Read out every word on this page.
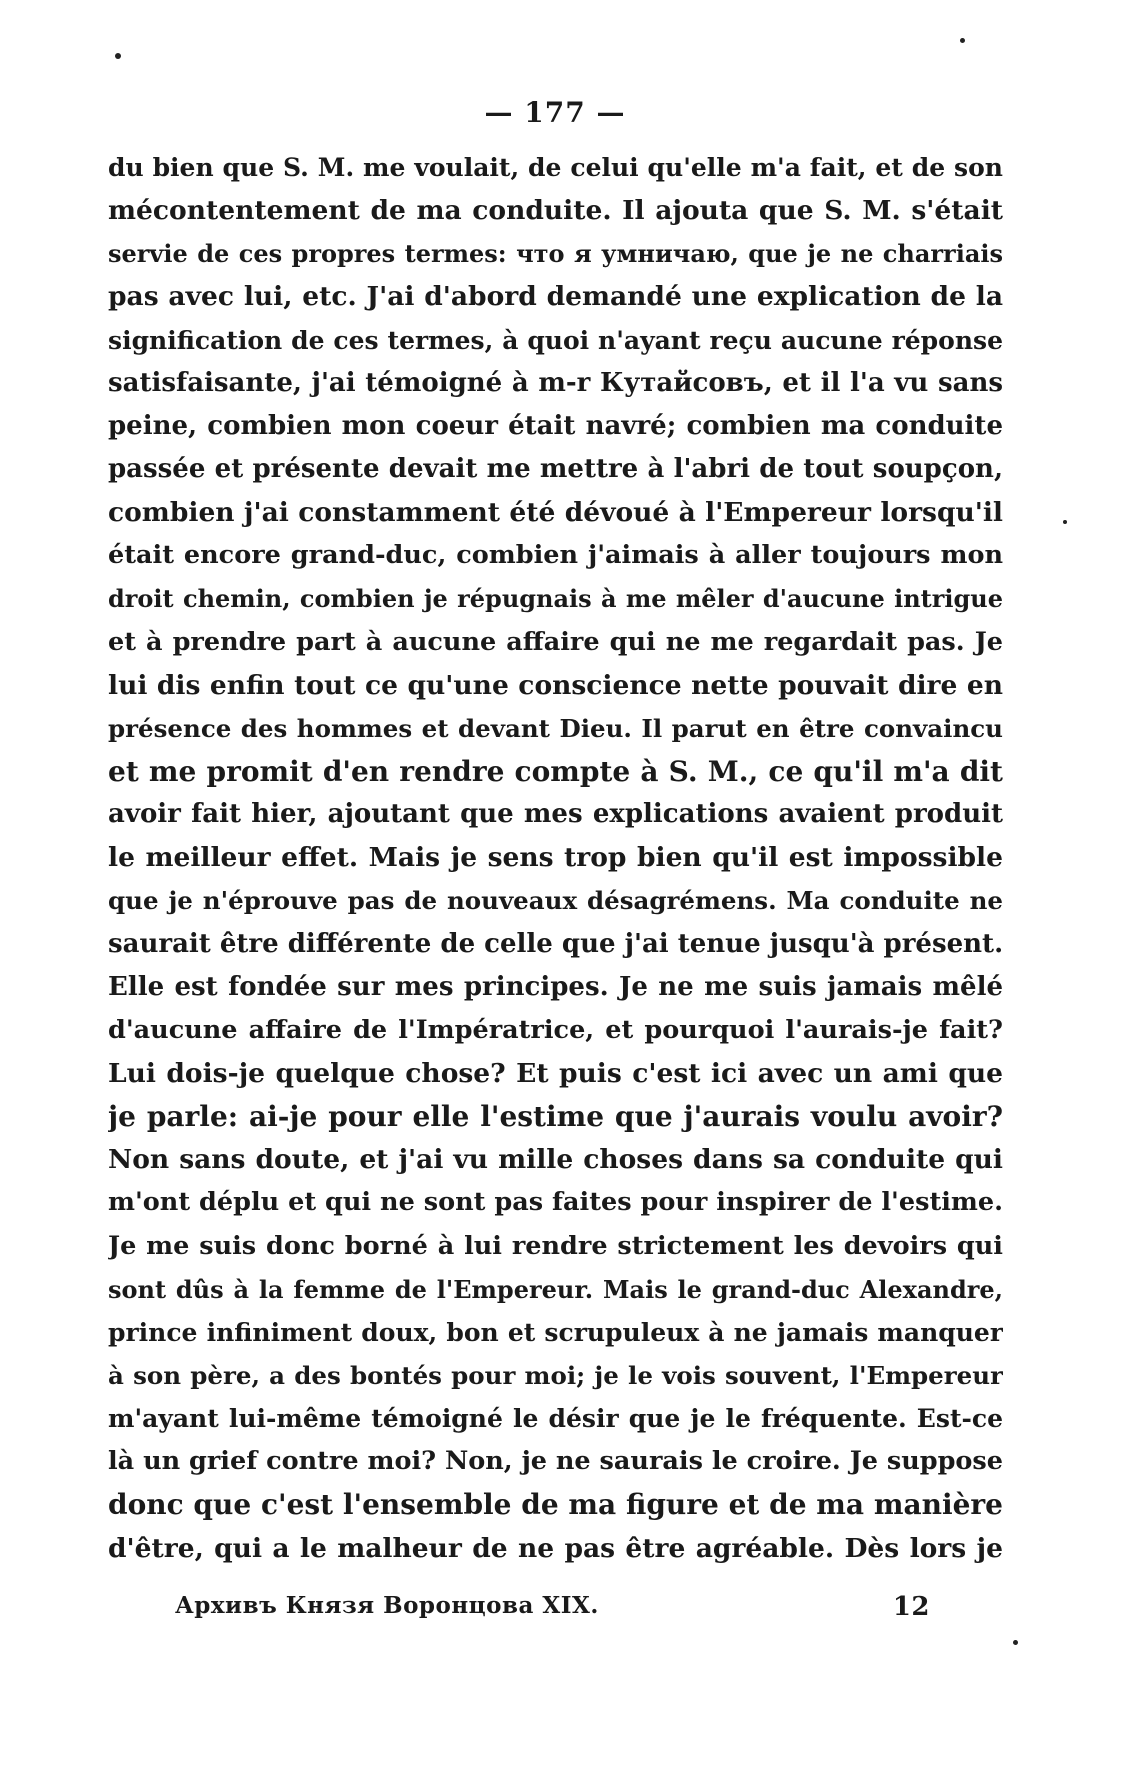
— 177 —
du bien que S. M. me voulait, de celui qu'elle m'a fait, et de son
mécontentement de ma conduite. Il ajouta que S. M. s'était
servie de ces propres termes: что я умничаю, que je ne charriais
pas avec lui, etc. J'ai d'abord demandé une explication de la
signification de ces termes, à quoi n'ayant reçu aucune réponse
satisfaisante, j'ai témoigné à m-r Кутайсовъ, et il l'a vu sans
peine, combien mon coeur était navré; combien ma conduite
passée et présente devait me mettre à l'abri de tout soupçon,
combien j'ai constamment été dévoué à l'Empereur lorsqu'il
était encore grand-duc, combien j'aimais à aller toujours mon
droit chemin, combien je répugnais à me mêler d'aucune intrigue
et à prendre part à aucune affaire qui ne me regardait pas. Je
lui dis enfin tout ce qu'une conscience nette pouvait dire en
présence des hommes et devant Dieu. Il parut en être convaincu
et me promit d'en rendre compte à S. M., ce qu'il m'a dit
avoir fait hier, ajoutant que mes explications avaient produit
le meilleur effet. Mais je sens trop bien qu'il est impossible
que je n'éprouve pas de nouveaux désagrémens. Ma conduite ne
saurait être différente de celle que j'ai tenue jusqu'à présent.
Elle est fondée sur mes principes. Je ne me suis jamais mêlé
d'aucune affaire de l'Impératrice, et pourquoi l'aurais-je fait?
Lui dois-je quelque chose? Et puis c'est ici avec un ami que
je parle: ai-je pour elle l'estime que j'aurais voulu avoir?
Non sans doute, et j'ai vu mille choses dans sa conduite qui
m'ont déplu et qui ne sont pas faites pour inspirer de l'estime.
Je me suis donc borné à lui rendre strictement les devoirs qui
sont dûs à la femme de l'Empereur. Mais le grand-duc Alexandre,
prince infiniment doux, bon et scrupuleux à ne jamais manquer
à son père, a des bontés pour moi; je le vois souvent, l'Empereur
m'ayant lui-même témoigné le désir que je le fréquente. Est-ce
là un grief contre moi? Non, je ne saurais le croire. Je suppose
donc que c'est l'ensemble de ma figure et de ma manière
d'être, qui a le malheur de ne pas être agréable. Dès lors je
Архивъ Князя Воронцова XIX.	12
